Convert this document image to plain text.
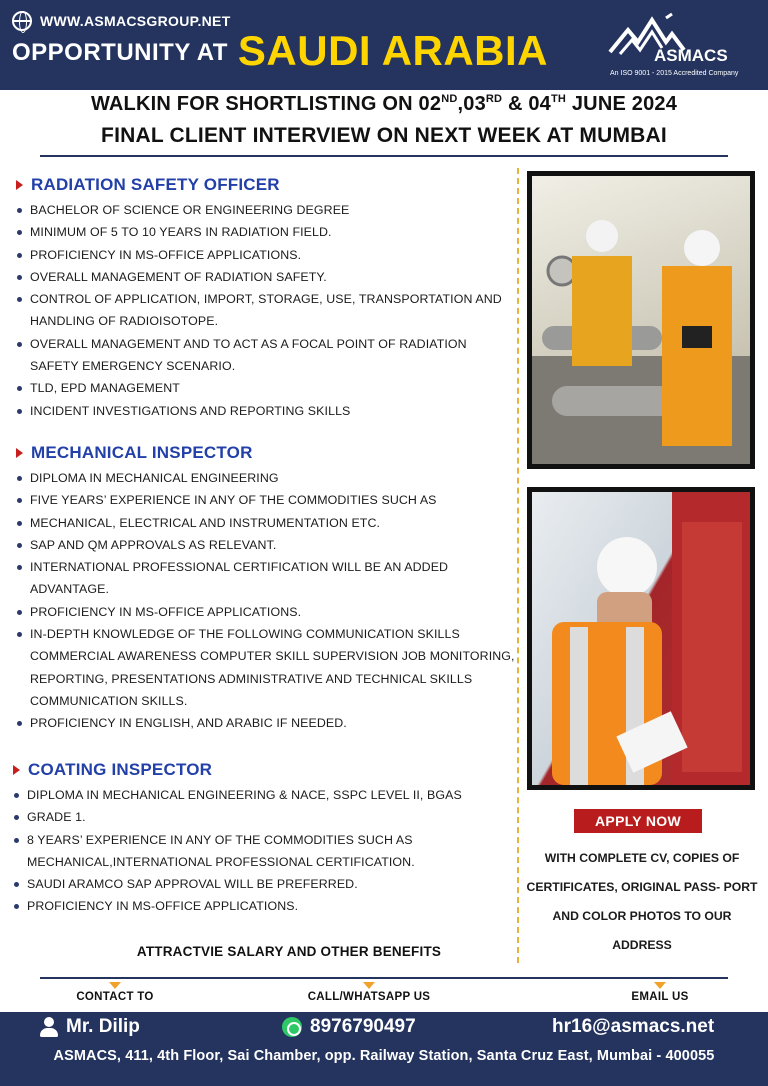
WWW.ASMACSGROUP.NET
OPPORTUNITY AT SAUDI ARABIA	ASMACS
An ISO 9001 - 2015 Accredited Company
WALKIN FOR SHORTLISTING ON 02ND,03RD & 04TH JUNE 2024
FINAL CLIENT INTERVIEW ON NEXT WEEK AT MUMBAI
RADIATION SAFETY OFFICER
BACHELOR OF SCIENCE OR ENGINEERING DEGREE
MINIMUM OF 5 TO 10 YEARS IN RADIATION FIELD.
PROFICIENCY IN MS-OFFICE APPLICATIONS.
OVERALL MANAGEMENT OF RADIATION SAFETY.
CONTROL OF APPLICATION, IMPORT, STORAGE, USE, TRANSPORTATION AND HANDLING OF RADIOISOTOPE.
OVERALL MANAGEMENT AND TO ACT AS A FOCAL POINT OF RADIATION SAFETY EMERGENCY SCENARIO.
TLD, EPD MANAGEMENT
INCIDENT INVESTIGATIONS AND REPORTING SKILLS
MECHANICAL INSPECTOR
DIPLOMA IN MECHANICAL ENGINEERING
FIVE YEARS’ EXPERIENCE IN ANY OF THE COMMODITIES SUCH AS
MECHANICAL, ELECTRICAL AND INSTRUMENTATION ETC.
SAP AND QM APPROVALS AS RELEVANT.
INTERNATIONAL PROFESSIONAL CERTIFICATION WILL BE AN ADDED ADVANTAGE.
PROFICIENCY IN MS-OFFICE APPLICATIONS.
IN-DEPTH KNOWLEDGE OF THE FOLLOWING COMMUNICATION SKILLS COMMERCIAL AWARENESS COMPUTER SKILL SUPERVISION JOB MONITORING, REPORTING, PRESENTATIONS ADMINISTRATIVE AND TECHNICAL SKILLS COMMUNICATION SKILLS.
PROFICIENCY IN ENGLISH, AND ARABIC IF NEEDED.
COATING INSPECTOR
DIPLOMA IN MECHANICAL ENGINEERING & NACE, SSPC LEVEL II, BGAS
GRADE 1.
8 YEARS’ EXPERIENCE IN ANY OF THE COMMODITIES SUCH AS MECHANICAL,INTERNATIONAL PROFESSIONAL CERTIFICATION.
SAUDI ARAMCO SAP APPROVAL WILL BE PREFERRED.
PROFICIENCY IN MS-OFFICE APPLICATIONS.
APPLY NOW
WITH COMPLETE CV, COPIES OF CERTIFICATES, ORIGINAL PASS- PORT AND COLOR PHOTOS TO OUR ADDRESS
ATTRACTVIE SALARY AND OTHER BENEFITS
CONTACT TO	CALL/WHATSAPP US	EMAIL US
Mr. Dilip	8976790497	hr16@asmacs.net
ASMACS, 411, 4th Floor, Sai Chamber, opp. Railway Station, Santa Cruz East, Mumbai - 400055
